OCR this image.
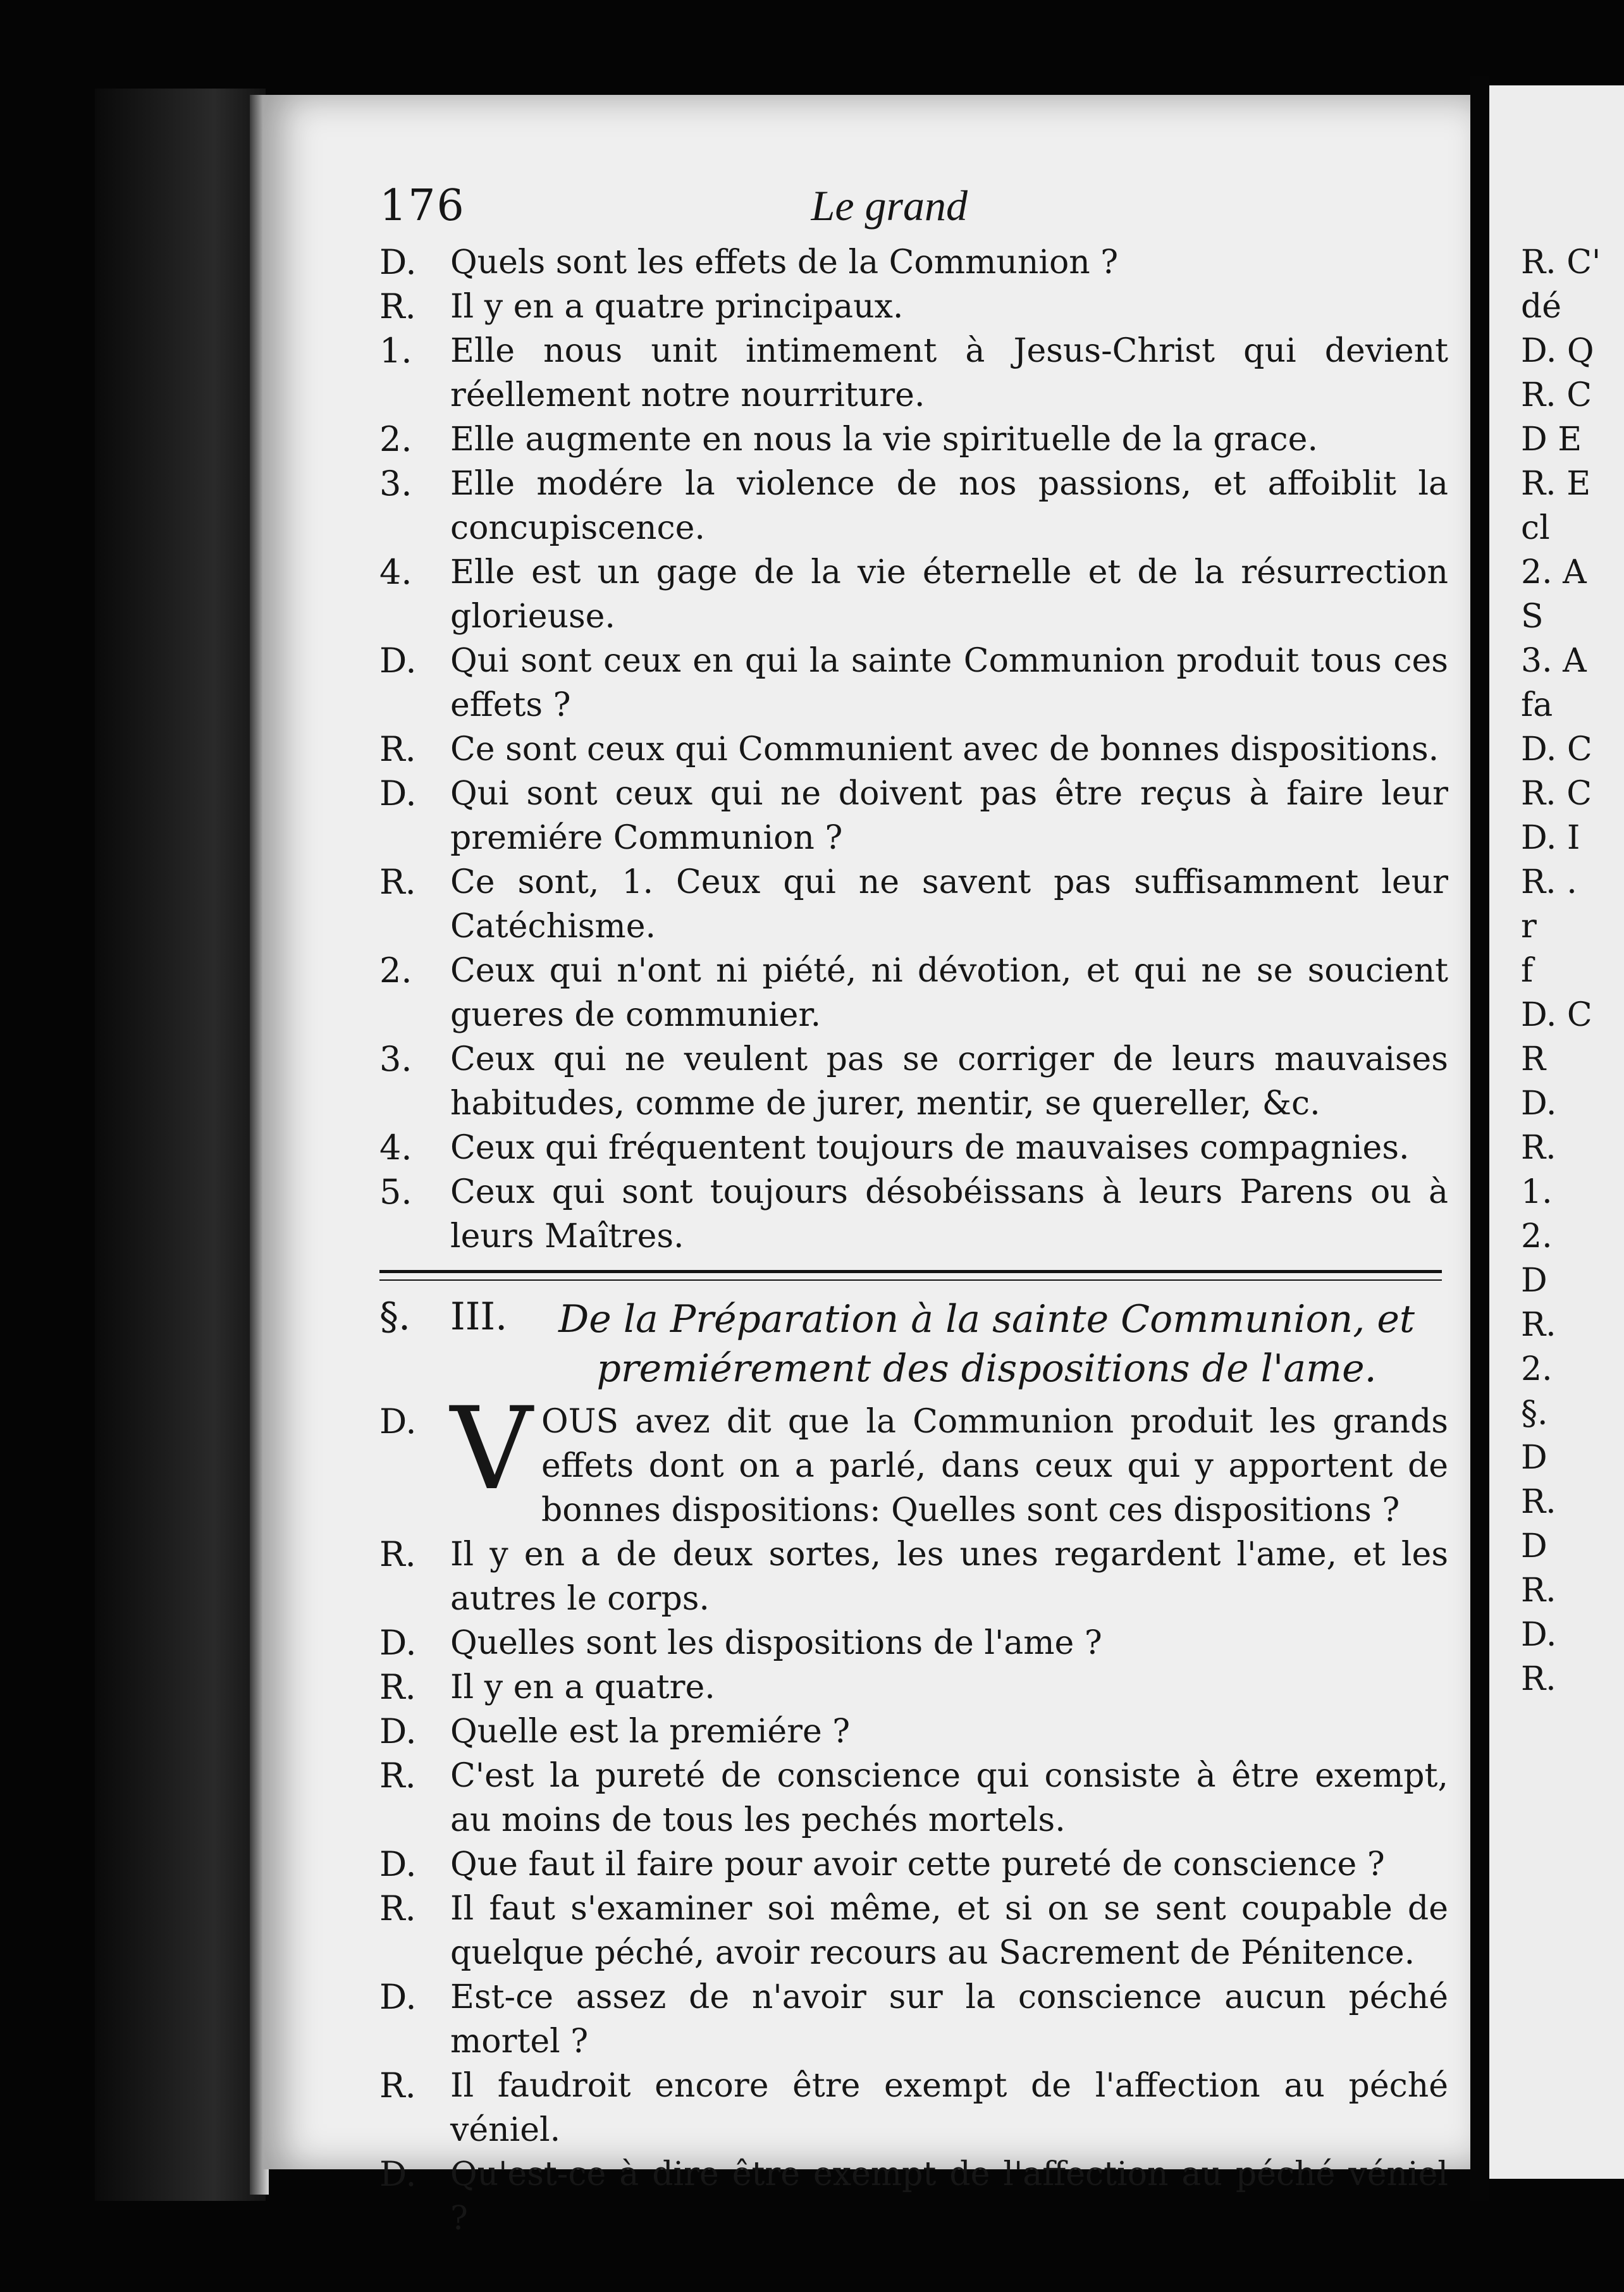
176	Le grand
D.	Quels sont les effets de la Communion ?
R.	Il y en a quatre principaux.
1.	Elle nous unit intimement à Jesus-Christ qui devient réellement notre nourriture.
2.	Elle augmente en nous la vie spirituelle de la grace.
3.	Elle modére la violence de nos passions, et affoiblit la concupiscence.
4.	Elle est un gage de la vie éternelle et de la résurrection glorieuse.
D.	Qui sont ceux en qui la sainte Communion produit tous ces effets ?
R.	Ce sont ceux qui Communient avec de bonnes dispositions.
D.	Qui sont ceux qui ne doivent pas être reçus à faire leur premiére Communion ?
R.	Ce sont, 1. Ceux qui ne savent pas suffisamment leur Catéchisme.
2.	Ceux qui n'ont ni piété, ni dévotion, et qui ne se soucient gueres de communier.
3.	Ceux qui ne veulent pas se corriger de leurs mauvaises habitudes, comme de jurer, mentir, se quereller, &c.
4.	Ceux qui fréquentent toujours de mauvaises compagnies.
5.	Ceux qui sont toujours désobéissans à leurs Parens ou à leurs Maîtres.
§.	III.	De la Préparation à la sainte Communion, et
premiérement des dispositions de l'ame.
D. V OUS avez dit que la Communion produit les grands effets dont on a parlé, dans ceux qui y apportent de bonnes dispositions: Quelles sont ces dispositions ?
R.	Il y en a de deux sortes, les unes regardent l'ame, et les autres le corps.
D.	Quelles sont les dispositions de l'ame ?
R.	Il y en a quatre.
D.	Quelle est la premiére ?
R.	C'est la pureté de conscience qui consiste à être exempt, au moins de tous les pechés mortels.
D.	Que faut il faire pour avoir cette pureté de conscience ?
R.	Il faut s'examiner soi même, et si on se sent coupable de quelque péché, avoir recours au Sacrement de Pénitence.
D.	Est-ce assez de n'avoir sur la conscience aucun péché mortel ?
R.	Il faudroit encore être exempt de l'affection au péché véniel.
D.	Qu'est-ce à dire être exempt de l'affection au péché véniel ?
R. C'
dé
D. Q
R. C
D E
R. E
cl
2. A
S
3. A
fa
D. C
R. C
D. I
R. .
r
f
D. C
R
D.
R.
1.
2.
D
R.
2.
§.
D
R.
D
R.
D.
R.
